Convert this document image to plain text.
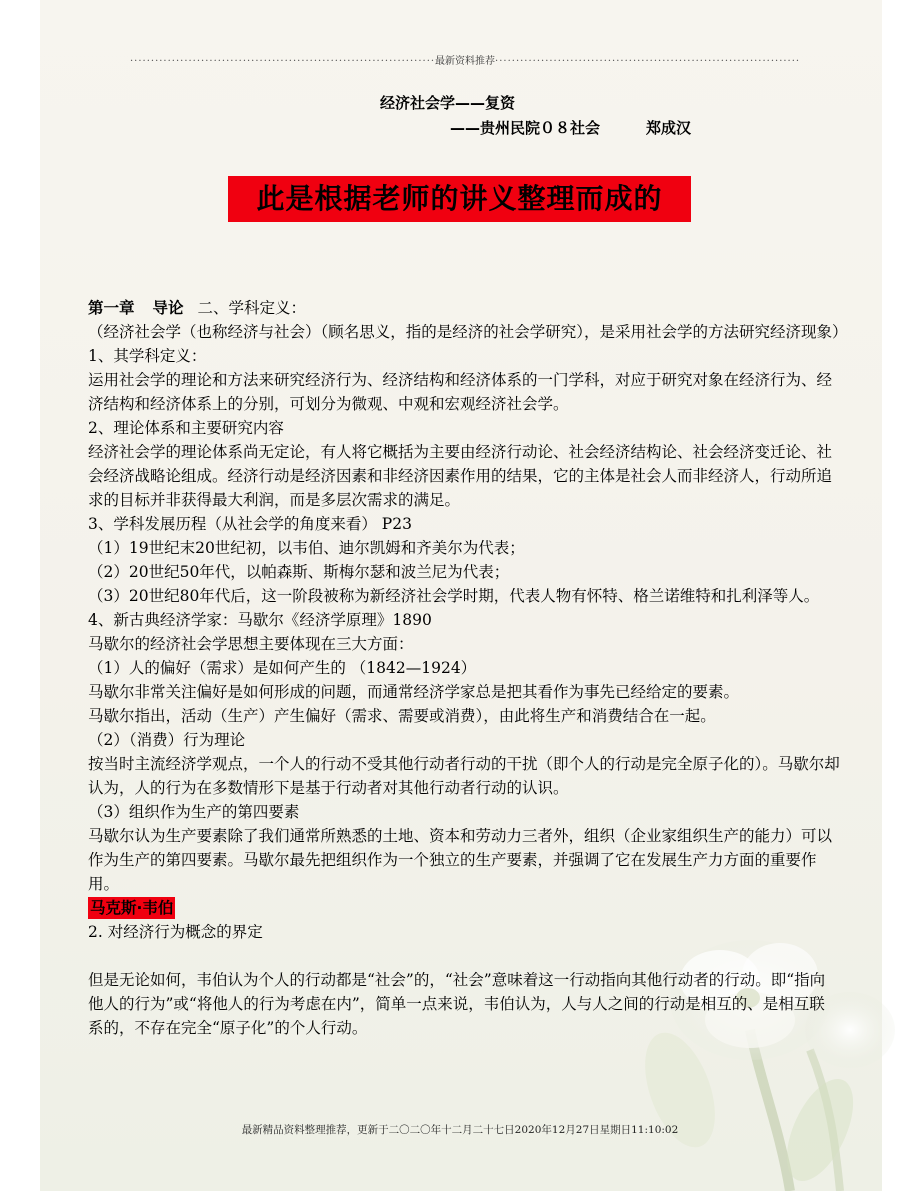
·········································································最新资料推荐·········································································
经济社会学——复资
——贵州民院０８社会	郑成汉
此是根据老师的讲义整理而成的

第一章 导论 二、学科定义：

（经济社会学（也称经济与社会）（顾名思义，指的是经济的社会学研究），是采用社会学的方法研究经济现象）

1、其学科定义：

运用社会学的理论和方法来研究经济行为、经济结构和经济体系的一门学科，对应于研究对象在经济行为、经济结构和经济体系上的分别，可划分为微观、中观和宏观经济社会学。

2、理论体系和主要研究内容

经济社会学的理论体系尚无定论，有人将它概括为主要由经济行动论、社会经济结构论、社会经济变迁论、社会经济战略论组成。经济行动是经济因素和非经济因素作用的结果，它的主体是社会人而非经济人，行动所追求的目标并非获得最大利润，而是多层次需求的满足。

3、学科发展历程（从社会学的角度来看） P23

（1）19世纪末20世纪初，以韦伯、迪尔凯姆和齐美尔为代表；

（2）20世纪50年代，以帕森斯、斯梅尔瑟和波兰尼为代表；

（3）20世纪80年代后，这一阶段被称为新经济社会学时期，代表人物有怀特、格兰诺维特和扎利泽等人。

4、新古典经济学家：马歇尔《经济学原理》1890

马歇尔的经济社会学思想主要体现在三大方面：

（1）人的偏好（需求）是如何产生的 （1842—1924）

马歇尔非常关注偏好是如何形成的问题，而通常经济学家总是把其看作为事先已经给定的要素。

马歇尔指出，活动（生产）产生偏好（需求、需要或消费），由此将生产和消费结合在一起。

（2）（消费）行为理论

按当时主流经济学观点，一个人的行动不受其他行动者行动的干扰（即个人的行动是完全原子化的）。马歇尔却认为，人的行为在多数情形下是基于行动者对其他行动者行动的认识。

（3）组织作为生产的第四要素

马歇尔认为生产要素除了我们通常所熟悉的土地、资本和劳动力三者外，组织（企业家组织生产的能力）可以作为生产的第四要素。马歇尔最先把组织作为一个独立的生产要素，并强调了它在发展生产力方面的重要作用。

马克斯·韦伯

2. 对经济行为概念的界定

但是无论如何，韦伯认为个人的行动都是“社会”的，“社会”意味着这一行动指向其他行动者的行动。即“指向他人的行为”或“将他人的行为考虑在内”，简单一点来说，韦伯认为，人与人之间的行动是相互的、是相互联系的，不存在完全“原子化”的个人行动。

最新精品资料整理推荐，更新于二〇二〇年十二月二十七日2020年12月27日星期日11:10:02
